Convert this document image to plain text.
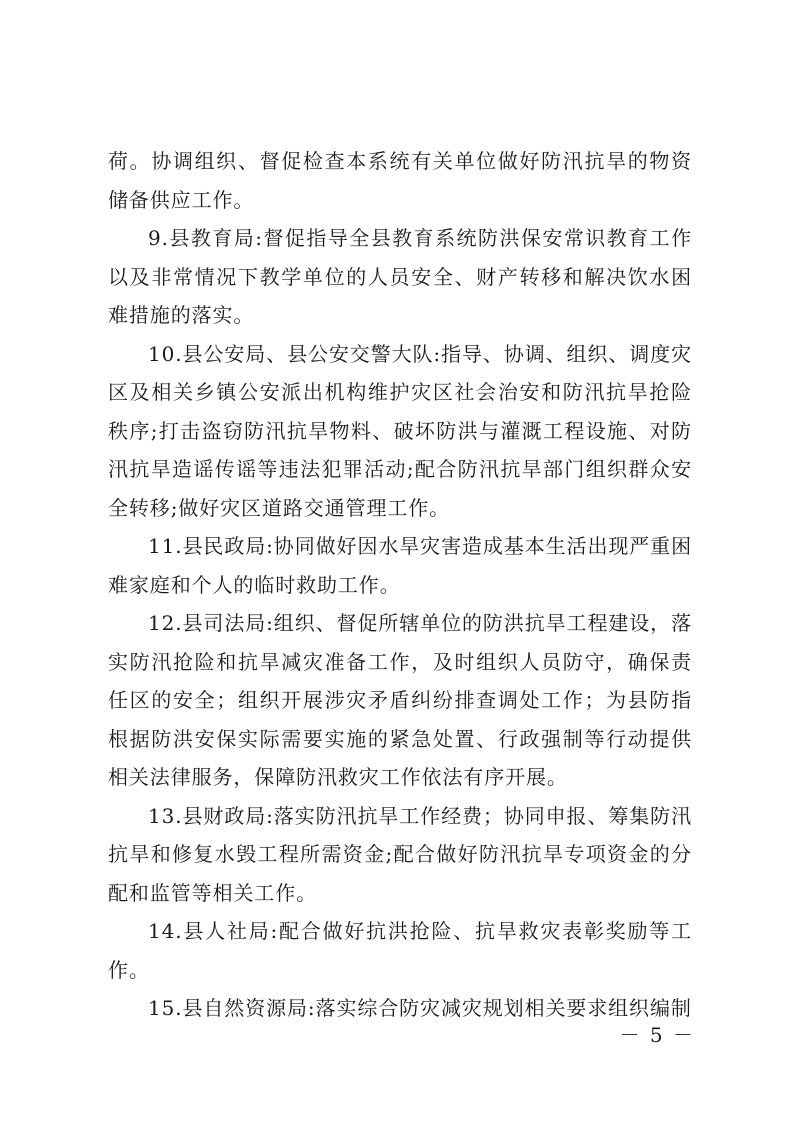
荷。协调组织、督促检查本系统有关单位做好防汛抗旱的物资储备供应工作。

9.县教育局:督促指导全县教育系统防洪保安常识教育工作以及非常情况下教学单位的人员安全、财产转移和解决饮水困难措施的落实。

10.县公安局、县公安交警大队:指导、协调、组织、调度灾区及相关乡镇公安派出机构维护灾区社会治安和防汛抗旱抢险秩序;打击盗窃防汛抗旱物料、破坏防洪与灌溉工程设施、对防汛抗旱造谣传谣等违法犯罪活动;配合防汛抗旱部门组织群众安全转移;做好灾区道路交通管理工作。

11.县民政局:协同做好因水旱灾害造成基本生活出现严重困难家庭和个人的临时救助工作。

12.县司法局:组织、督促所辖单位的防洪抗旱工程建设，落实防汛抢险和抗旱减灾准备工作，及时组织人员防守，确保责任区的安全；组织开展涉灾矛盾纠纷排查调处工作；为县防指根据防洪安保实际需要实施的紧急处置、行政强制等行动提供相关法律服务，保障防汛救灾工作依法有序开展。

13.县财政局:落实防汛抗旱工作经费；协同申报、筹集防汛抗旱和修复水毁工程所需资金;配合做好防汛抗旱专项资金的分配和监管等相关工作。

14.县人社局:配合做好抗洪抢险、抗旱救灾表彰奖励等工作。

15.县自然资源局:落实综合防灾减灾规划相关要求组织编制

－ 5 －
